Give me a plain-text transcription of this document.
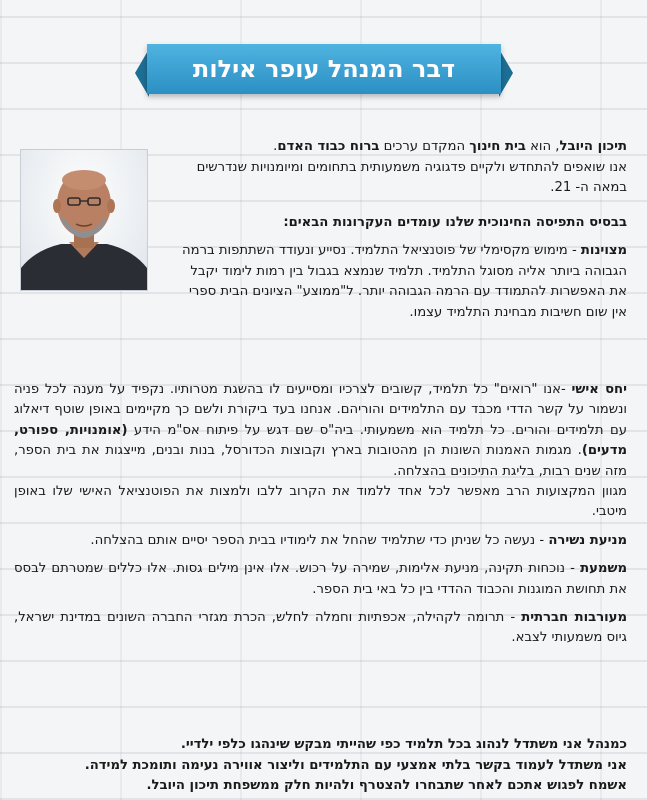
דבר המנהל עופר אילות

תיכון היובל, הוא בית חינוך המקדם ערכים ברוח כבוד האדם.
אנו שואפים להתחדש ולקיים פדגוגיה משמעותית בתחומים ומיומנויות שנדרשים במאה ה- 21.

בבסיס התפיסה החינוכית שלנו עומדים העקרונות הבאים:

מצוינות - מימוש מקסימלי של פוטנציאל התלמיד. נסייע ונעודד השתתפות ברמה הגבוהה ביותר אליה מסוגל התלמיד. תלמיד שנמצא בגבול בין רמות לימוד יקבל את האפשרות להתמודד עם הרמה הגבוהה יותר. ל"ממוצע" הציונים הבית ספרי אין שום חשיבות מבחינת התלמיד עצמו.

יחס אישי -אנו "רואים" כל תלמיד, קשובים לצרכיו ומסייעים לו בהשגת מטרותיו. נקפיד על מענה לכל פניה ונשמור על קשר הדדי מכבד עם התלמידים והוריהם. אנחנו בעד ביקורת ולשם כך מקיימים באופן שוטף דיאלוג עם תלמידים והורים. כל תלמיד הוא משמעותי. ביה"ס שם דגש על פיתוח אס"מ הידע (אומנויות, ספורט, מדעים). מגמות האמנות השונות הן מהטובות בארץ וקבוצות הכדורסל, בנות ובנים, מייצגות את בית הספר, מזה שנים רבות, בליגת התיכונים בהצלחה.

מגוון המקצועות הרב מאפשר לכל אחד ללמוד את הקרוב ללבו ולמצות את הפוטנציאל האישי שלו באופן מיטבי.

מניעת נשירה - נעשה כל שניתן כדי שתלמיד שהחל את לימודיו בבית הספר יסיים אותם בהצלחה.

משמעת - נוכחות תקינה, מניעת אלימות, שמירה על רכוש. אלו אינן מילים גסות. אלו כללים שמטרתם לבסס את תחושת המוגנות והכבוד ההדדי בין כל באי בית הספר.

מעורבות חברתית - תרומה לקהילה, אכפתיות וחמלה לחלש, הכרת מגזרי החברה השונים במדינת ישראל, גיוס משמעותי לצבא.

כמנהל אני משתדל לנהוג בכל תלמיד כפי שהייתי מבקש שינהגו כלפי ילדיי.

אני משתדל לעמוד בקשר בלתי אמצעי עם התלמידים וליצור אווירה נעימה ותומכת למידה.

אשמח לפגוש אתכם לאחר שתבחרו להצטרף ולהיות חלק ממשפחת תיכון היובל.
